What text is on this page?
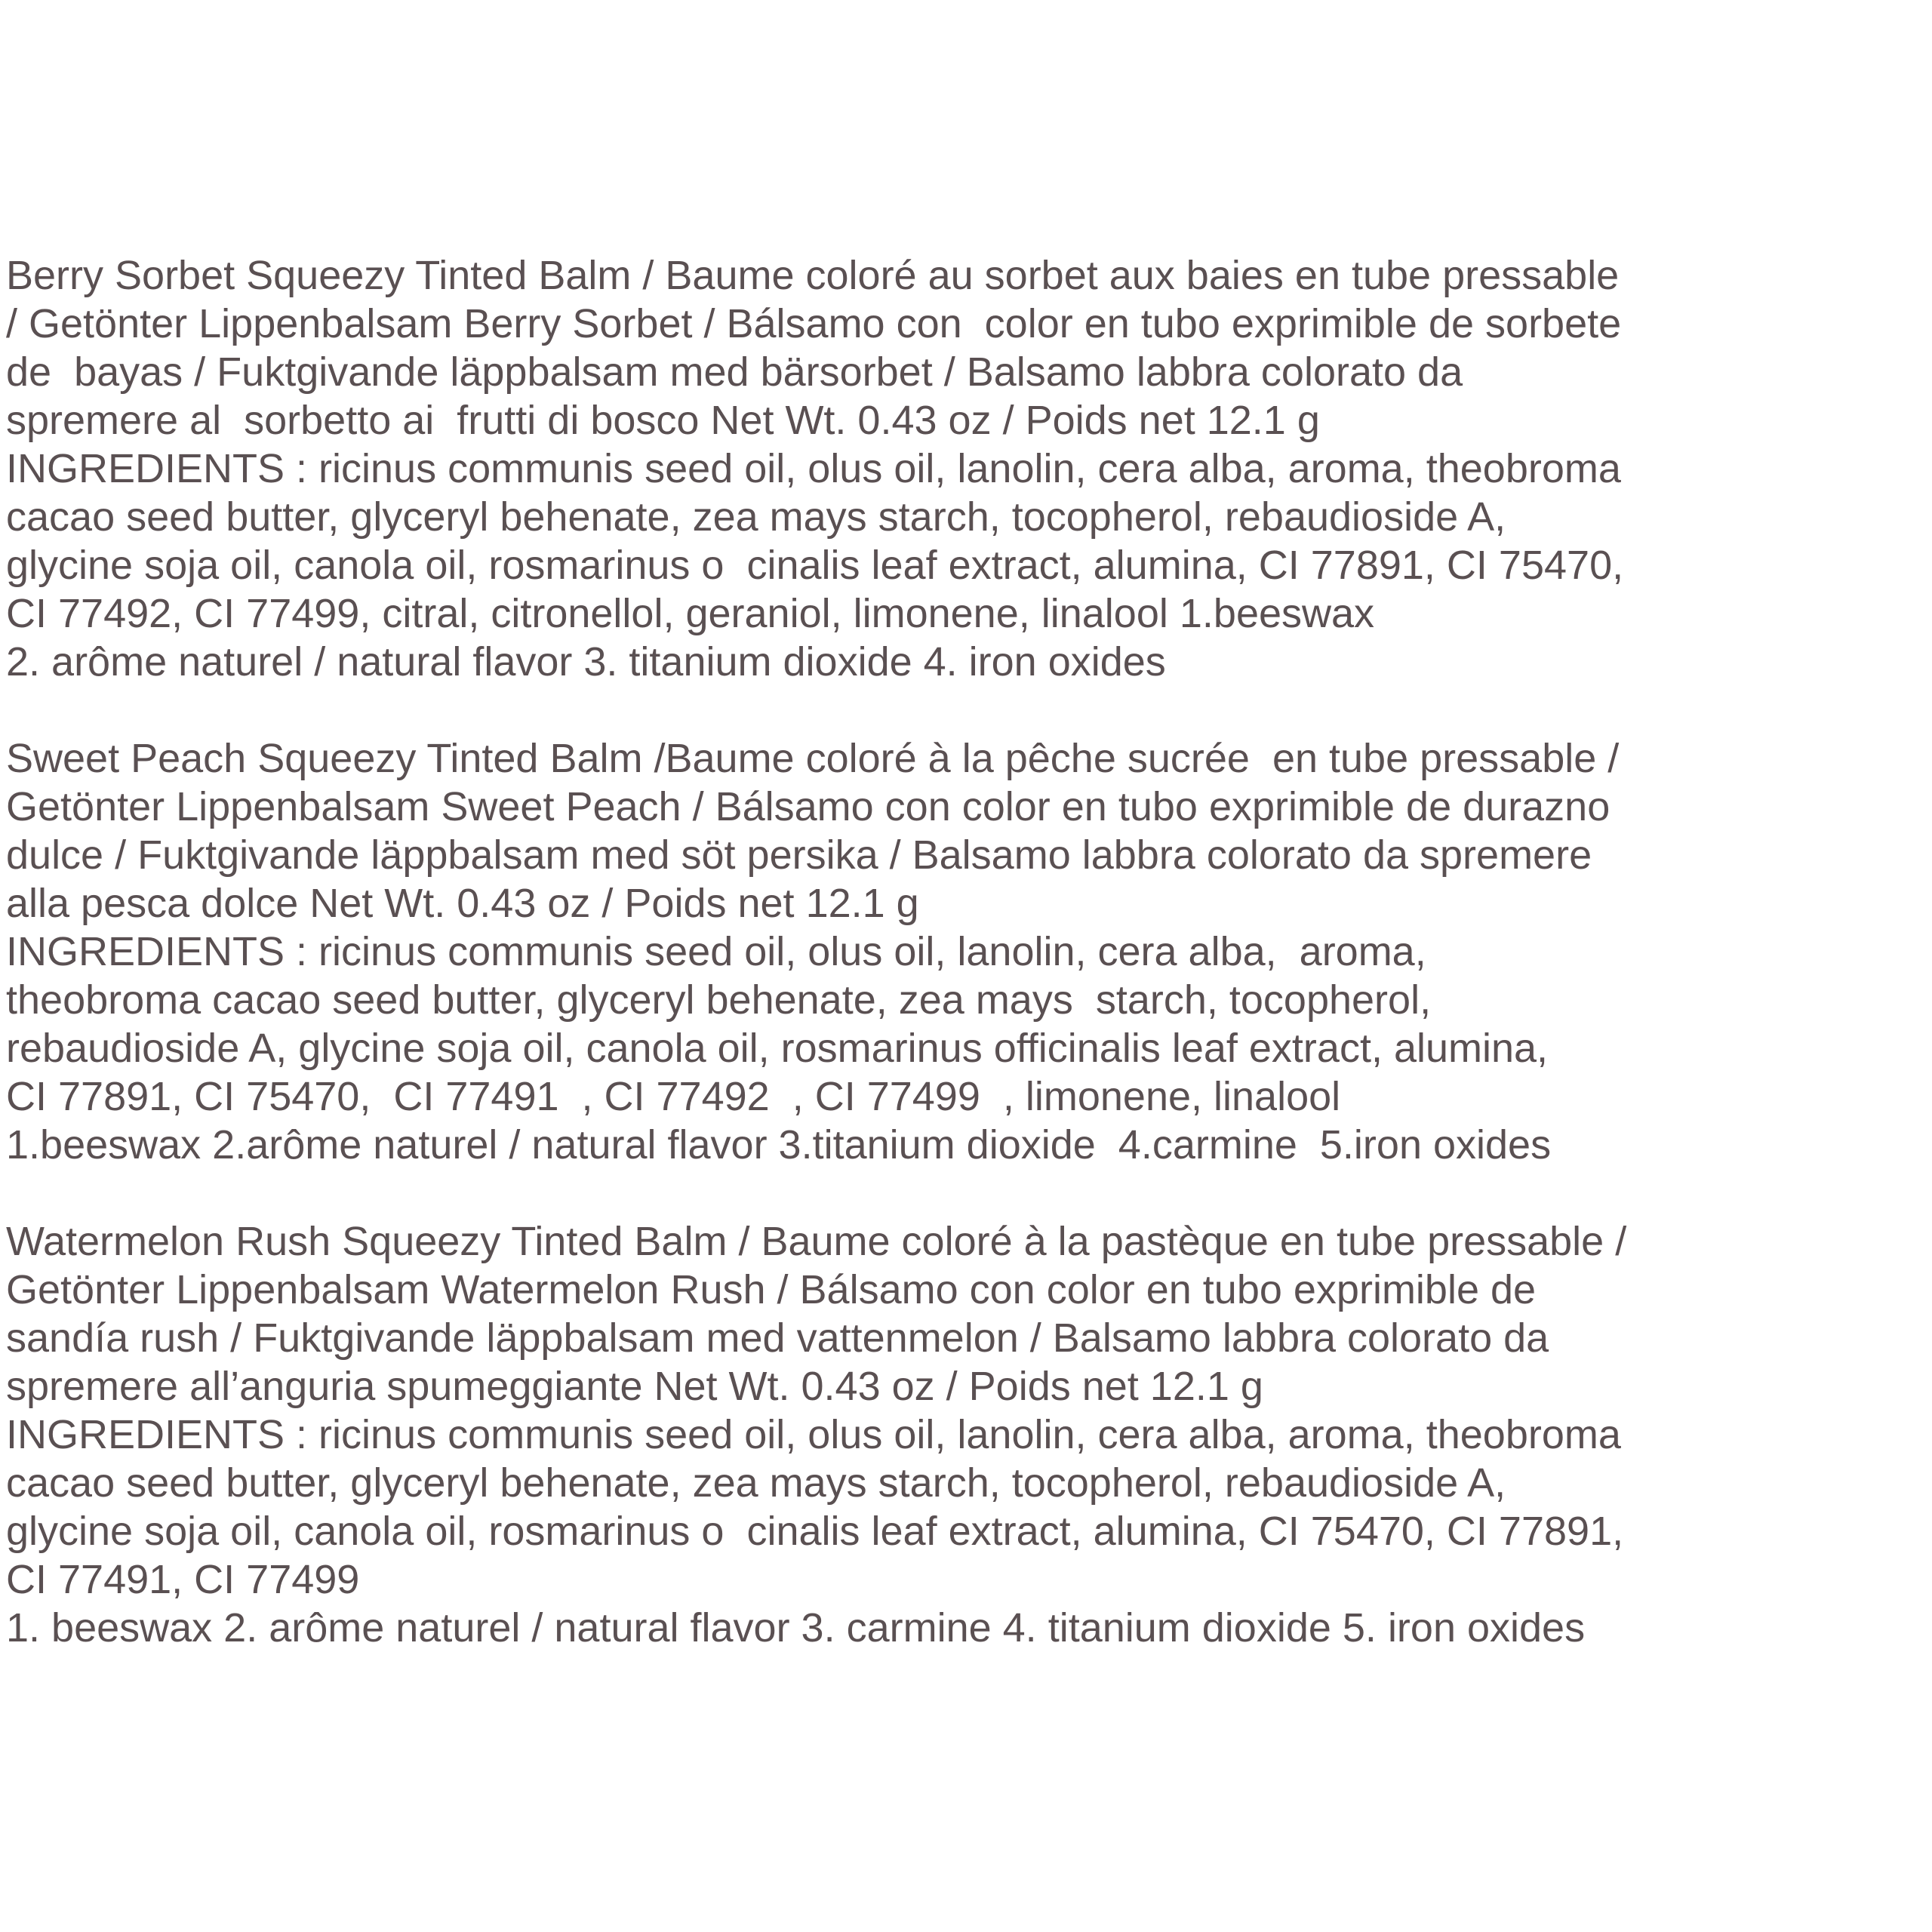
Berry Sorbet Squeezy Tinted Balm / Baume coloré au sorbet aux baies en tube pressable

/ Getönter Lippenbalsam Berry Sorbet / Bálsamo con  color en tubo exprimible de sorbete

de  bayas / Fuktgivande läppbalsam med bärsorbet / Balsamo labbra colorato da

spremere al  sorbetto ai  frutti di bosco Net Wt. 0.43 oz / Poids net 12.1 g

INGREDIENTS : ricinus communis seed oil, olus oil, lanolin, cera alba, aroma, theobroma

cacao seed butter, glyceryl behenate, zea mays starch, tocopherol, rebaudioside A,

glycine soja oil, canola oil, rosmarinus o  cinalis leaf extract, alumina, CI 77891, CI 75470,

CI 77492, CI 77499, citral, citronellol, geraniol, limonene, linalool 1.beeswax

2. arôme naturel / natural flavor 3. titanium dioxide 4. iron oxides

Sweet Peach Squeezy Tinted Balm /Baume coloré à la pêche sucrée  en tube pressable /

Getönter Lippenbalsam Sweet Peach / Bálsamo con color en tubo exprimible de durazno

dulce / Fuktgivande läppbalsam med söt persika / Balsamo labbra colorato da spremere

alla pesca dolce Net Wt. 0.43 oz / Poids net 12.1 g

INGREDIENTS : ricinus communis seed oil, olus oil, lanolin, cera alba,  aroma,

theobroma cacao seed butter, glyceryl behenate, zea mays  starch, tocopherol,

rebaudioside A, glycine soja oil, canola oil, rosmarinus officinalis leaf extract, alumina,

CI 77891, CI 75470,  CI 77491  , CI 77492  , CI 77499  , limonene, linalool

1.beeswax 2.arôme naturel / natural flavor 3.titanium dioxide  4.carmine  5.iron oxides

Watermelon Rush Squeezy Tinted Balm / Baume coloré à la pastèque en tube pressable /

Getönter Lippenbalsam Watermelon Rush / Bálsamo con color en tubo exprimible de

sandía rush / Fuktgivande läppbalsam med vattenmelon / Balsamo labbra colorato da

spremere all’anguria spumeggiante Net Wt. 0.43 oz / Poids net 12.1 g

INGREDIENTS : ricinus communis seed oil, olus oil, lanolin, cera alba, aroma, theobroma

cacao seed butter, glyceryl behenate, zea mays starch, tocopherol, rebaudioside A,

glycine soja oil, canola oil, rosmarinus o  cinalis leaf extract, alumina, CI 75470, CI 77891,

CI 77491, CI 77499

1. beeswax 2. arôme naturel / natural flavor 3. carmine 4. titanium dioxide 5. iron oxides
